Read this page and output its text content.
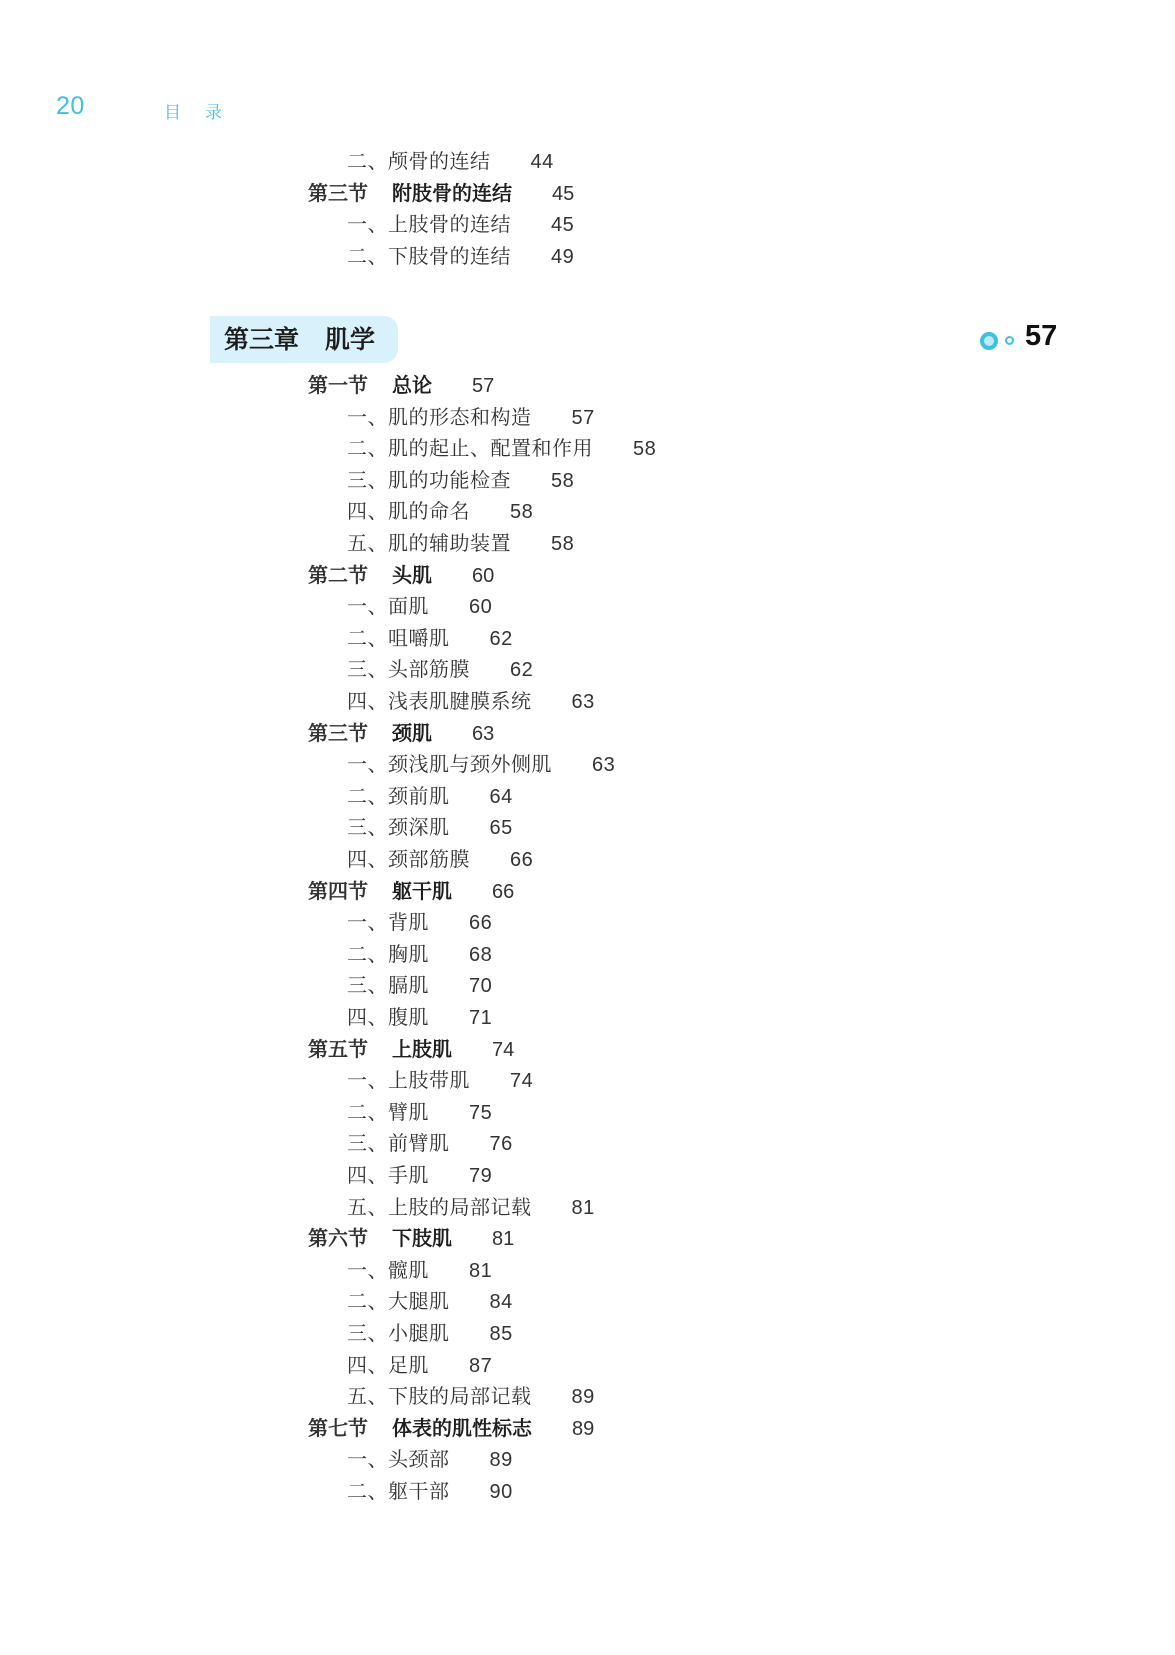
20	目录
二、颅骨的连结 44
第三节 附肢骨的连结 45
一、上肢骨的连结 45
二、下肢骨的连结 49
第三章 肌学	57
第一节 总论 57
一、肌的形态和构造 57
二、肌的起止、配置和作用 58
三、肌的功能检查 58
四、肌的命名 58
五、肌的辅助装置 58
第二节 头肌 60
一、面肌 60
二、咀嚼肌 62
三、头部筋膜 62
四、浅表肌腱膜系统 63
第三节 颈肌 63
一、颈浅肌与颈外侧肌 63
二、颈前肌 64
三、颈深肌 65
四、颈部筋膜 66
第四节 躯干肌 66
一、背肌 66
二、胸肌 68
三、膈肌 70
四、腹肌 71
第五节 上肢肌 74
一、上肢带肌 74
二、臂肌 75
三、前臂肌 76
四、手肌 79
五、上肢的局部记载 81
第六节 下肢肌 81
一、髋肌 81
二、大腿肌 84
三、小腿肌 85
四、足肌 87
五、下肢的局部记载 89
第七节 体表的肌性标志 89
一、头颈部 89
二、躯干部 90
